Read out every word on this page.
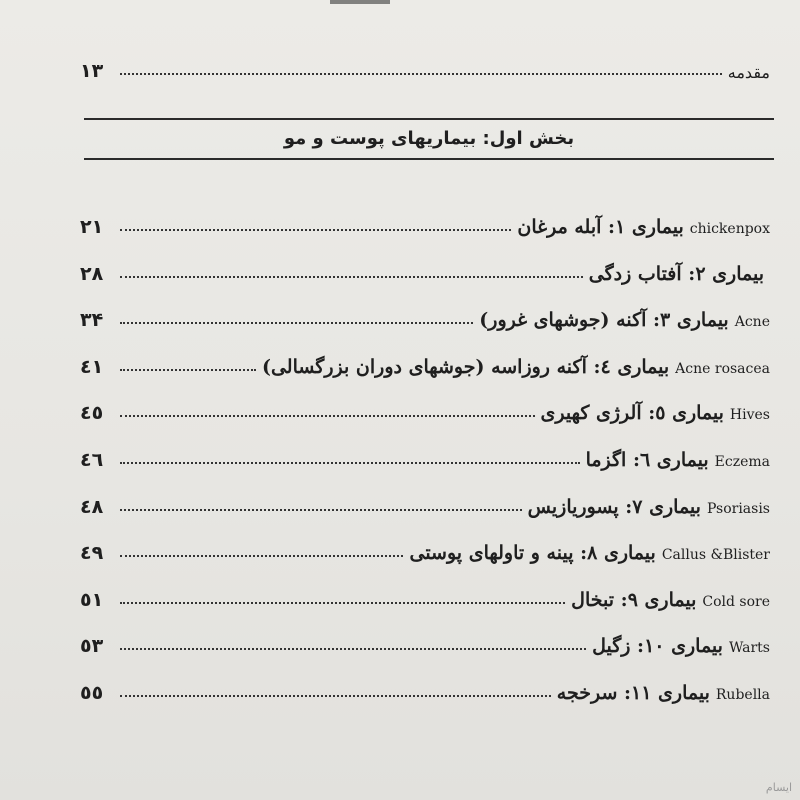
مقدمه
۱۳
بخش اول: بیماریهای پوست و مو
بیماری ۱: آبله مرغان chickenpox
۲۱
بیماری ۲: آفتاب زدگی
۲۸
بیماری ۳: آکنه (جوشهای غرور) Acne
۳۴
بیماری ٤: آکنه روزاسه (جوشهای دوران بزرگسالی) Acne rosacea
٤۱
بیماری ٥: آلرژی کهیری Hives
٤٥
بیماری ٦: اگزما Eczema
٤٦
بیماری ۷: پسوریازیس Psoriasis
٤۸
بیماری ۸: پینه و تاولهای پوستی Callus &Blister
٤۹
بیماری ۹: تبخال Cold sore
٥۱
بیماری ۱۰: زگیل Warts
٥۳
بیماری ۱۱: سرخجه Rubella
٥٥
ایسام
